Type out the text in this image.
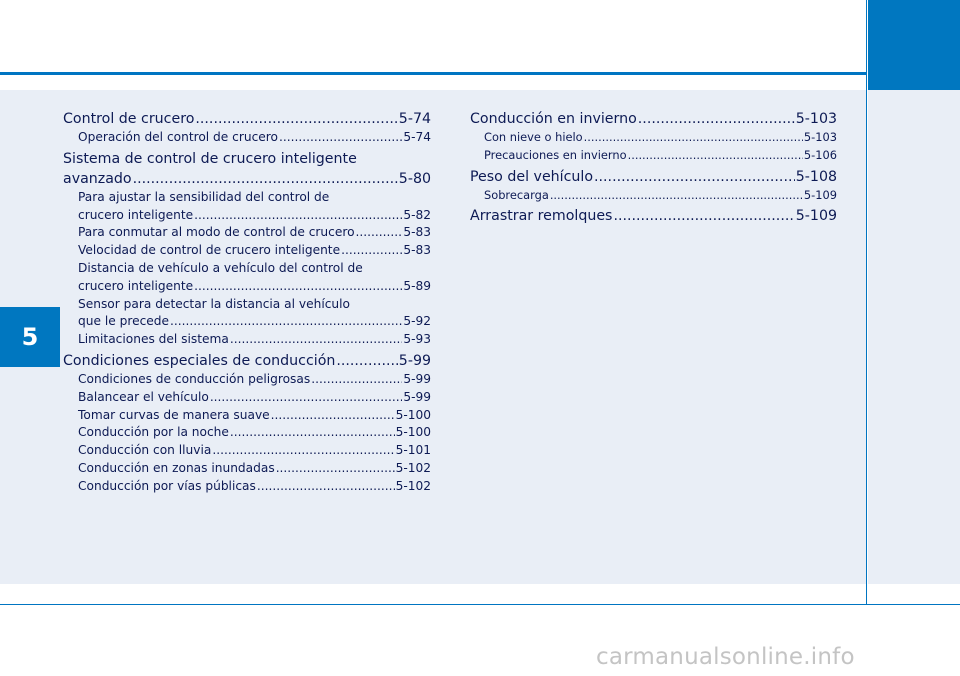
5
Control de crucero .....	5-74
Operación del control de crucero .....	5-74
Sistema de control de crucero inteligente
avanzado .....	5-80
Para ajustar la sensibilidad del control de
crucero inteligente .....	5-82
Para conmutar al modo de control de crucero .....	5-83
Velocidad de control de crucero inteligente .....	5-83
Distancia de vehículo a vehículo del control de
crucero inteligente .....	5-89
Sensor para detectar la distancia al vehículo
que le precede .....	5-92
Limitaciones del sistema .....	5-93
Condiciones especiales de conducción .....	5-99
Condiciones de conducción peligrosas .....	5-99
Balancear el vehículo .....	5-99
Tomar curvas de manera suave .....	5-100
Conducción por la noche .....	5-100
Conducción con lluvia .....	5-101
Conducción en zonas inundadas .....	5-102
Conducción por vías públicas .....	5-102
Conducción en invierno .....	5-103
Con nieve o hielo .....	5-103
Precauciones en invierno .....	5-106
Peso del vehículo .....	5-108
Sobrecarga .....	5-109
Arrastrar remolques .....	5-109
carmanualsonline.info
